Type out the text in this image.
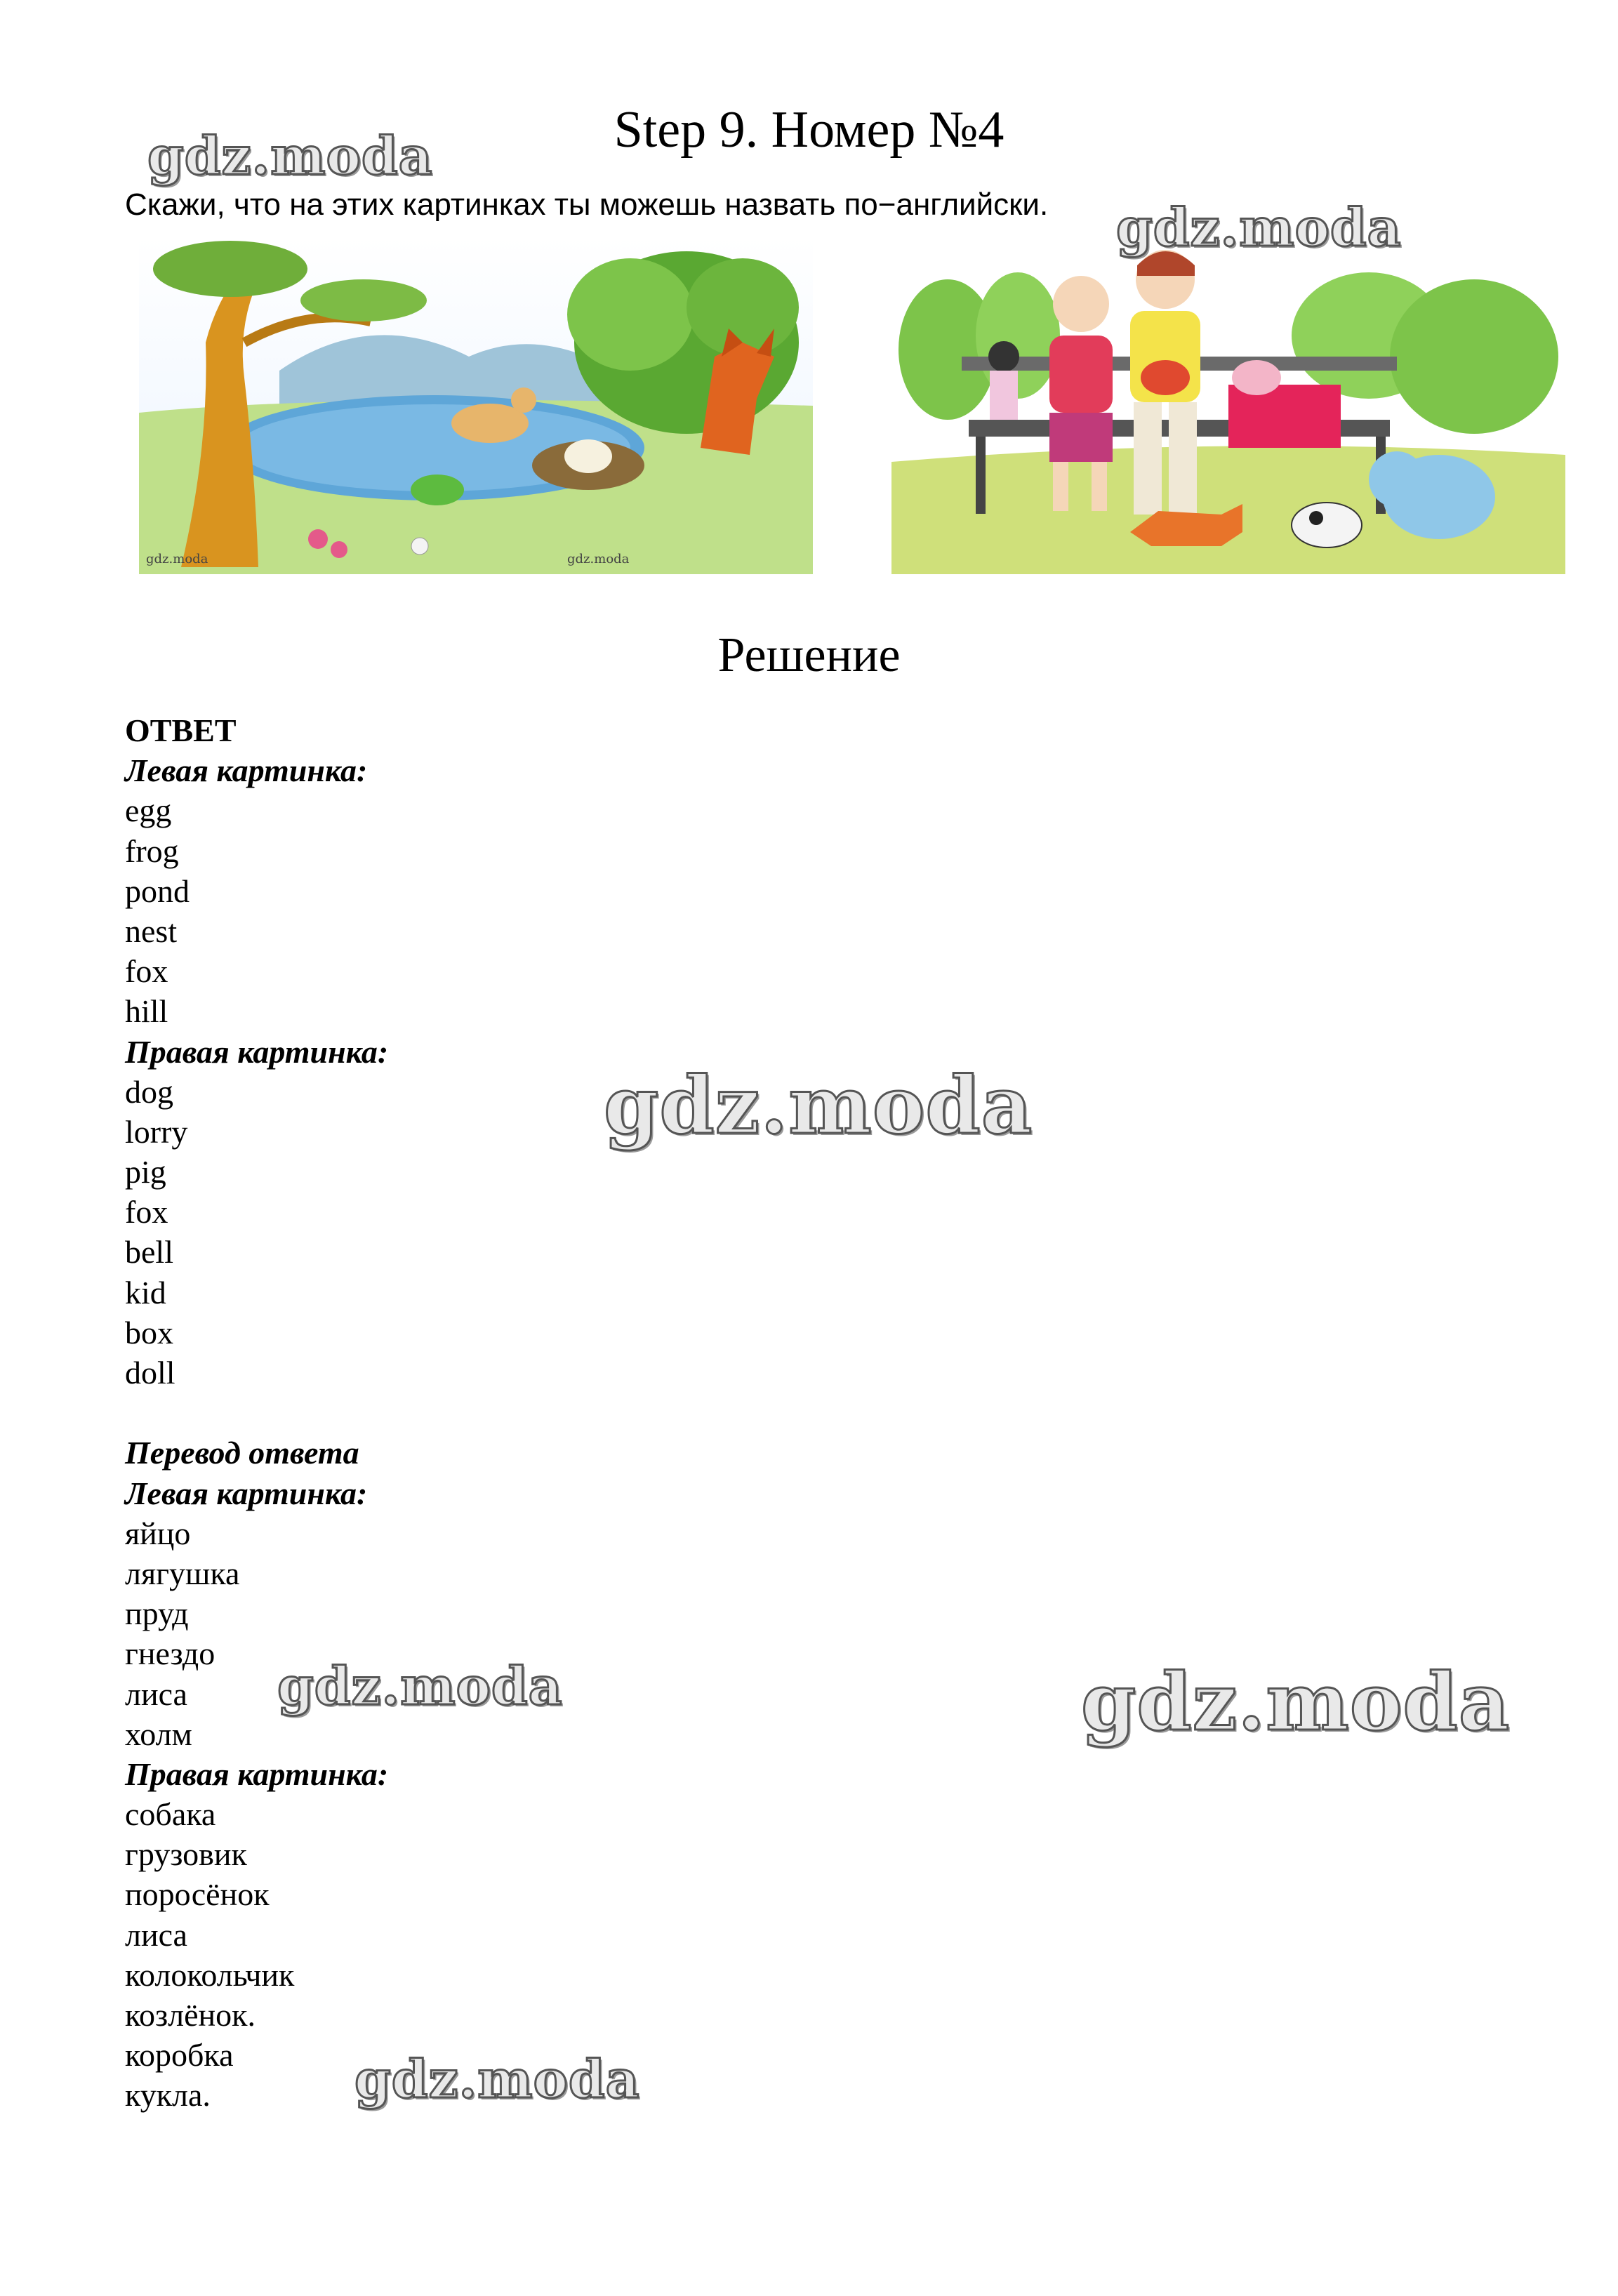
Step 9. Номер №4
Скажи, что на этих картинках ты можешь назвать по−английски.
gdz.moda	gdz.moda
Решение
ОТВЕТ
Левая картинка:
egg
frog
pond
nest
fox
hill
Правая картинка:
dog
lorry
pig
fox
bell
kid
box
doll
Перевод ответа
Левая картинка:
яйцо
лягушка
пруд
гнездо
лиса
холм
Правая картинка:
собака
грузовик
поросёнок
лиса
колокольчик
козлёнок.
коробка
кукла.
gdz.moda
gdz.moda
gdz.moda
gdz.moda	gdz.moda
gdz.moda
